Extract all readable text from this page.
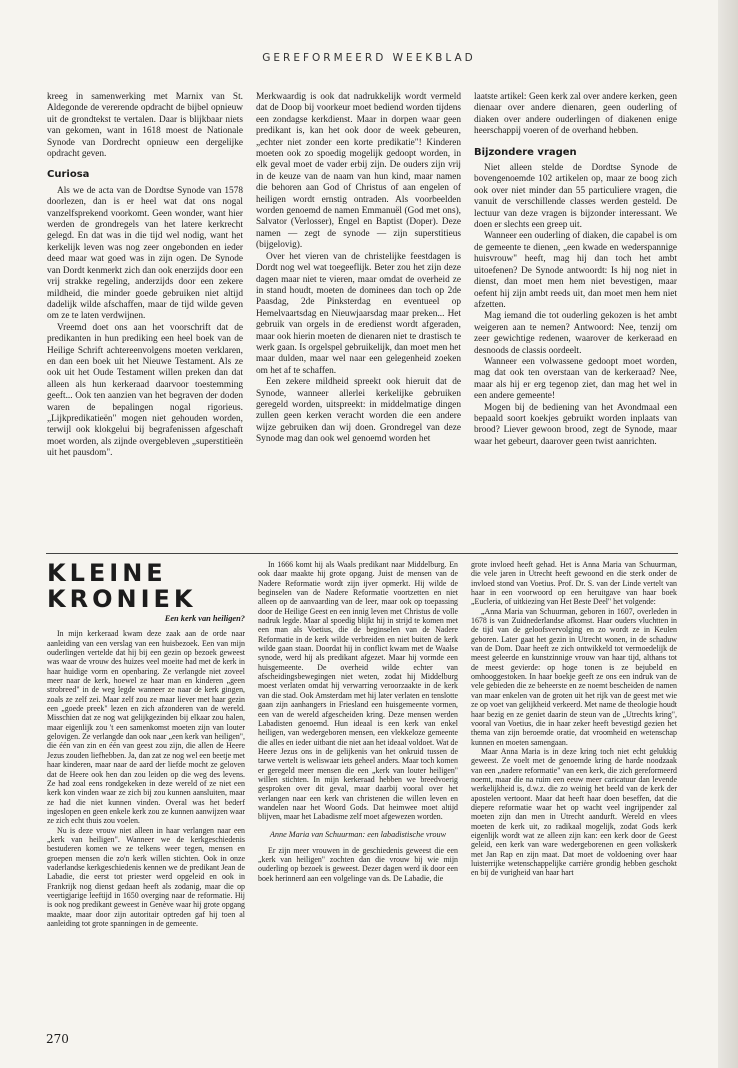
GEREFORMEERD WEEKBLAD

kreeg in samenwerking met Marnix van St. Aldegonde de vererende opdracht de bijbel opnieuw uit de grondtekst te vertalen. Daar is blijkbaar niets van gekomen, want in 1618 moest de Nationale Synode van Dordrecht opnieuw een dergelijke opdracht geven.

Curiosa

Als we de acta van de Dordtse Synode van 1578 doorlezen, dan is er heel wat dat ons nogal vanzelfsprekend voorkomt. Geen wonder, want hier werden de grondregels van het latere kerkrecht gelegd. En dat was in die tijd wel nodig, want het kerkelijk leven was nog zeer ongebonden en ieder deed maar wat goed was in zijn ogen. De Synode van Dordt kenmerkt zich dan ook enerzijds door een vrij strakke regeling, anderzijds door een zekere mildheid, die minder goede gebruiken niet altijd dadelijk wilde afschaffen, maar de tijd wilde geven om ze te laten verdwijnen.

Vreemd doet ons aan het voorschrift dat de predikanten in hun prediking een heel boek van de Heilige Schrift achtereenvolgens moeten verklaren, en dan een boek uit het Nieuwe Testament. Als ze ook uit het Oude Testament willen preken dan dat alleen als hun kerkeraad daarvoor toestemming geeft... Ook ten aanzien van het begraven der doden waren de bepalingen nogal rigorieus. „Lijkpredikatieën" mogen niet gehouden worden, terwijl ook klokgelui bij begrafenissen afgeschaft moet worden, als zijnde overgebleven „superstitieën uit het pausdom".

Merkwaardig is ook dat nadrukkelijk wordt vermeld dat de Doop bij voorkeur moet bediend worden tijdens een zondagse kerkdienst. Maar in dorpen waar geen predikant is, kan het ook door de week gebeuren, „echter niet zonder een korte predikatie"! Kinderen moeten ook zo spoedig mogelijk gedoopt worden, in elk geval moet de vader erbij zijn. De ouders zijn vrij in de keuze van de naam van hun kind, maar namen die behoren aan God of Christus of aan engelen of heiligen wordt ernstig ontraden. Als voorbeelden worden genoemd de namen Emmanuël (God met ons), Salvator (Verlosser), Engel en Baptist (Doper). Deze namen — zegt de synode — zijn superstitieus (bijgelovig).

Over het vieren van de christelijke feestdagen is Dordt nog wel wat toegeeflijk. Beter zou het zijn deze dagen maar niet te vieren, maar omdat de overheid ze in stand houdt, moeten de dominees dan toch op 2de Paasdag, 2de Pinksterdag en eventueel op Hemelvaartsdag en Nieuwjaarsdag maar preken... Het gebruik van orgels in de eredienst wordt afgeraden, maar ook hierin moeten de dienaren niet te drastisch te werk gaan. Is orgelspel gebruikelijk, dan moet men het maar dulden, maar wel naar een gelegenheid zoeken om het af te schaffen.

Een zekere mildheid spreekt ook hieruit dat de Synode, wanneer allerlei kerkelijke gebruiken geregeld worden, uitspreekt: in middelmatige dingen zullen geen kerken veracht worden die een andere wijze gebruiken dan wij doen. Grondregel van deze Synode mag dan ook wel genoemd worden het

laatste artikel: Geen kerk zal over andere kerken, geen dienaar over andere dienaren, geen ouderling of diaken over andere ouderlingen of diakenen enige heerschappij voeren of de overhand hebben.

Bijzondere vragen

Niet alleen stelde de Dordtse Synode de bovengenoemde 102 artikelen op, maar ze boog zich ook over niet minder dan 55 particuliere vragen, die vanuit de verschillende classes werden gesteld. De lectuur van deze vragen is bijzonder interessant. We doen er slechts een greep uit.

Wanneer een ouderling of diaken, die capabel is om de gemeente te dienen, „een kwade en wederspannige huisvrouw" heeft, mag hij dan toch het ambt uitoefenen? De Synode antwoordt: Is hij nog niet in dienst, dan moet men hem niet bevestigen, maar oefent hij zijn ambt reeds uit, dan moet men hem niet afzetten.

Mag iemand die tot ouderling gekozen is het ambt weigeren aan te nemen? Antwoord: Nee, tenzij om zeer gewichtige redenen, waarover de kerkeraad en desnoods de classis oordeelt.

Wanneer een volwassene gedoopt moet worden, mag dat ook ten overstaan van de kerkeraad? Nee, maar als hij er erg tegenop ziet, dan mag het wel in een andere gemeente!

Mogen bij de bediening van het Avondmaal een bepaald soort koekjes gebruikt worden inplaats van brood? Liever gewoon brood, zegt de Synode, maar waar het gebeurt, daarover geen twist aanrichten.

KLEINE KRONIEK
Een kerk van heiligen?

In mijn kerkeraad kwam deze zaak aan de orde naar aanleiding van een verslag van een huisbezoek. Een van mijn ouderlingen vertelde dat hij bij een gezin op bezoek geweest was waar de vrouw des huizes veel moeite had met de kerk in haar huidige vorm en openbaring. Ze verlangde niet zoveel meer naar de kerk, hoewel ze haar man en kinderen „geen strobreed" in de weg legde wanneer ze naar de kerk gingen, zoals ze zelf zei. Maar zelf zou ze maar liever met haar gezin een „goede preek" lezen en zich afzonderen van de wereld. Misschien dat ze nog wat gelijkgezinden bij elkaar zou halen, maar eigenlijk zou 't een samenkomst moeten zijn van louter gelovigen. Ze verlangde dan ook naar „een kerk van heiligen", die één van zin en één van geest zou zijn, die allen de Heere Jezus zouden liefhebben. Ja, dan zat ze nog wel een beetje met haar kinderen, maar naar de aard der liefde mocht ze geloven dat de Heere ook hen dan zou leiden op die weg des levens. Ze had zoal eens rondgekeken in deze wereld of ze niet een kerk kon vinden waar ze zich bij zou kunnen aansluiten, maar ze had die niet kunnen vinden. Overal was het bederf ingeslopen en geen enkele kerk zou ze kunnen aanwijzen waar ze zich echt thuis zou voelen.

Nu is deze vrouw niet alleen in haar verlangen naar een „kerk van heiligen". Wanneer we de kerkgeschiedenis bestuderen komen we ze telkens weer tegen, mensen en groepen mensen die zo'n kerk willen stichten. Ook in onze vaderlandse kerkgeschiedenis kennen we de predikant Jean de Labadie, die eerst tot priester werd opgeleid en ook in Frankrijk nog dienst gedaan heeft als zodanig, maar die op veertigjarige leeftijd in 1650 overging naar de reformatie. Hij is ook nog predikant geweest in Genève waar hij grote opgang maakte, maar door zijn autoritair optreden gaf hij toen al aanleiding tot grote spanningen in de gemeente.

In 1666 komt hij als Waals predikant naar Middelburg. En ook daar maakte hij grote opgang. Juist de mensen van de Nadere Reformatie wordt zijn ijver opmerkt. Hij wilde de beginselen van de Nadere Reformatie voortzetten en niet alleen op de aanvaarding van de leer, maar ook op toepassing door de Heilige Geest en een innig leven met Christus de volle nadruk legde. Maar al spoedig blijkt hij in strijd te komen met een man als Voetius, die de beginselen van de Nadere Reformatie in de kerk wilde verbreiden en niet buiten de kerk wilde gaan staan. Doordat hij in conflict kwam met de Waalse synode, werd hij als predikant afgezet. Maar hij vormde een huisgemeente. De overheid wilde echter van afscheidingsbewegingen niet weten, zodat hij Middelburg moest verlaten omdat hij verwarring veroorzaakte in de kerk van die stad. Ook Amsterdam met hij later verlaten en tenslotte gaan zijn aanhangers in Friesland een huisgemeente vormen, een van de wereld afgescheiden kring. Deze mensen werden Labadisten genoemd. Hun ideaal is een kerk van enkel heiligen, van wedergeboren mensen, een vlekkeloze gemeente die alles en ieder uitbant die niet aan het ideaal voldoet. Wat de Heere Jezus ons in de gelijkenis van het onkruid tussen de tarwe vertelt is weliswaar iets geheel anders. Maar toch komen er geregeld meer mensen die een „kerk van louter heiligen" willen stichten. In mijn kerkeraad hebben we breedvoerig gesproken over dit geval, maar daarbij vooral over het verlangen naar een kerk van christenen die willen leven en wandelen naar het Woord Gods. Dat heimwee moet altijd blijven, maar het Labadisme zelf moet afgewezen worden.

Anne Maria van Schuurman: een labadistische vrouw

Er zijn meer vrouwen in de geschiedenis geweest die een „kerk van heiligen" zochten dan die vrouw bij wie mijn ouderling op bezoek is geweest. Dezer dagen werd ik door een boek herinnerd aan een volgelinge van ds. De Labadie, die

grote invloed heeft gehad. Het is Anna Maria van Schuurman, die vele jaren in Utrecht heeft gewoond en die sterk onder de invloed stond van Voetius. Prof. Dr. S. van der Linde vertelt van haar in een voorwoord op een heruitgave van haar boek „Eucleria, of uitkiezing van Het Beste Deel" het volgende:

„Anna Maria van Schuurman, geboren in 1607, overleden in 1678 is van Zuidnederlandse afkomst. Haar ouders vluchtten in de tijd van de geloofsvervolging en zo wordt ze in Keulen geboren. Later gaat het gezin in Utrecht wonen, in de schaduw van de Dom. Daar heeft ze zich ontwikkeld tot vermoedelijk de meest geleerde en kunstzinnige vrouw van haar tijd, althans tot de meest gevierde: op hoge tonen is ze bejubeld en omhooggestoken. In haar boekje geeft ze ons een indruk van de vele gebieden die ze beheerste en ze noemt bescheiden de namen van maar enkelen van de groten uit het rijk van de geest met wie ze op voet van gelijkheid verkeerd. Met name de theologie houdt haar bezig en ze geniet daarin de steun van de „Utrechts kring", vooral van Voetius, die in haar zeker heeft bevestigd gezien het thema van zijn beroemde oratie, dat vroomheid en wetenschap kunnen en moeten samengaan.

Maar Anna Maria is in deze kring toch niet echt gelukkig geweest. Ze voelt met de genoemde kring de harde noodzaak van een „nadere reformatie" van een kerk, die zich gereformeerd noemt, maar die na ruim een eeuw meer caricatuur dan levende werkelijkheid is, d.w.z. die zo weinig het beeld van de kerk der apostelen vertoont. Maar dat heeft haar doen beseffen, dat die diepere reformatie waar het op wacht veel ingrijpender zal moeten zijn dan men in Utrecht aandurft. Wereld en vlees moeten de kerk uit, zo radikaal mogelijk, zodat Gods kerk eigenlijk wordt wat ze alleen zijn kan: een kerk door de Geest geleid, een kerk van ware wedergeborenen en geen volkskerk met Jan Rap en zijn maat. Dat moet de voldoening over haar luisterrijke wetenschappelijke carrière grondig hebben geschokt en bij de vurigheid van haar hart

270
